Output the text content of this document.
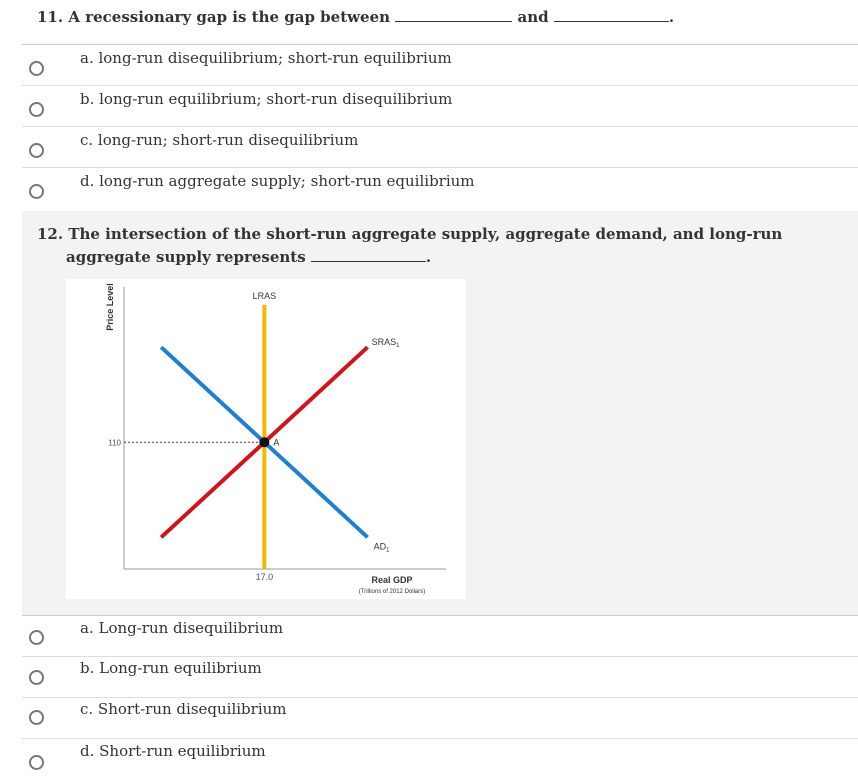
11. A recessionary gap is the gap between	and	.
a. long-run disequilibrium; short-run equilibrium
b. long-run equilibrium; short-run disequilibrium
c. long-run; short-run disequilibrium
d. long-run aggregate supply; short-run equilibrium
12. The intersection of the short-run aggregate supply, aggregate demand, and long-run
aggregate supply represents	.
A
110
17.0
Price Level
Real GDP
(Trillions of 2012 Dollars)
LRAS
$SRAS_1$
$AD_1$
a. Long-run disequilibrium
b. Long-run equilibrium
c. Short-run disequilibrium
d. Short-run equilibrium
